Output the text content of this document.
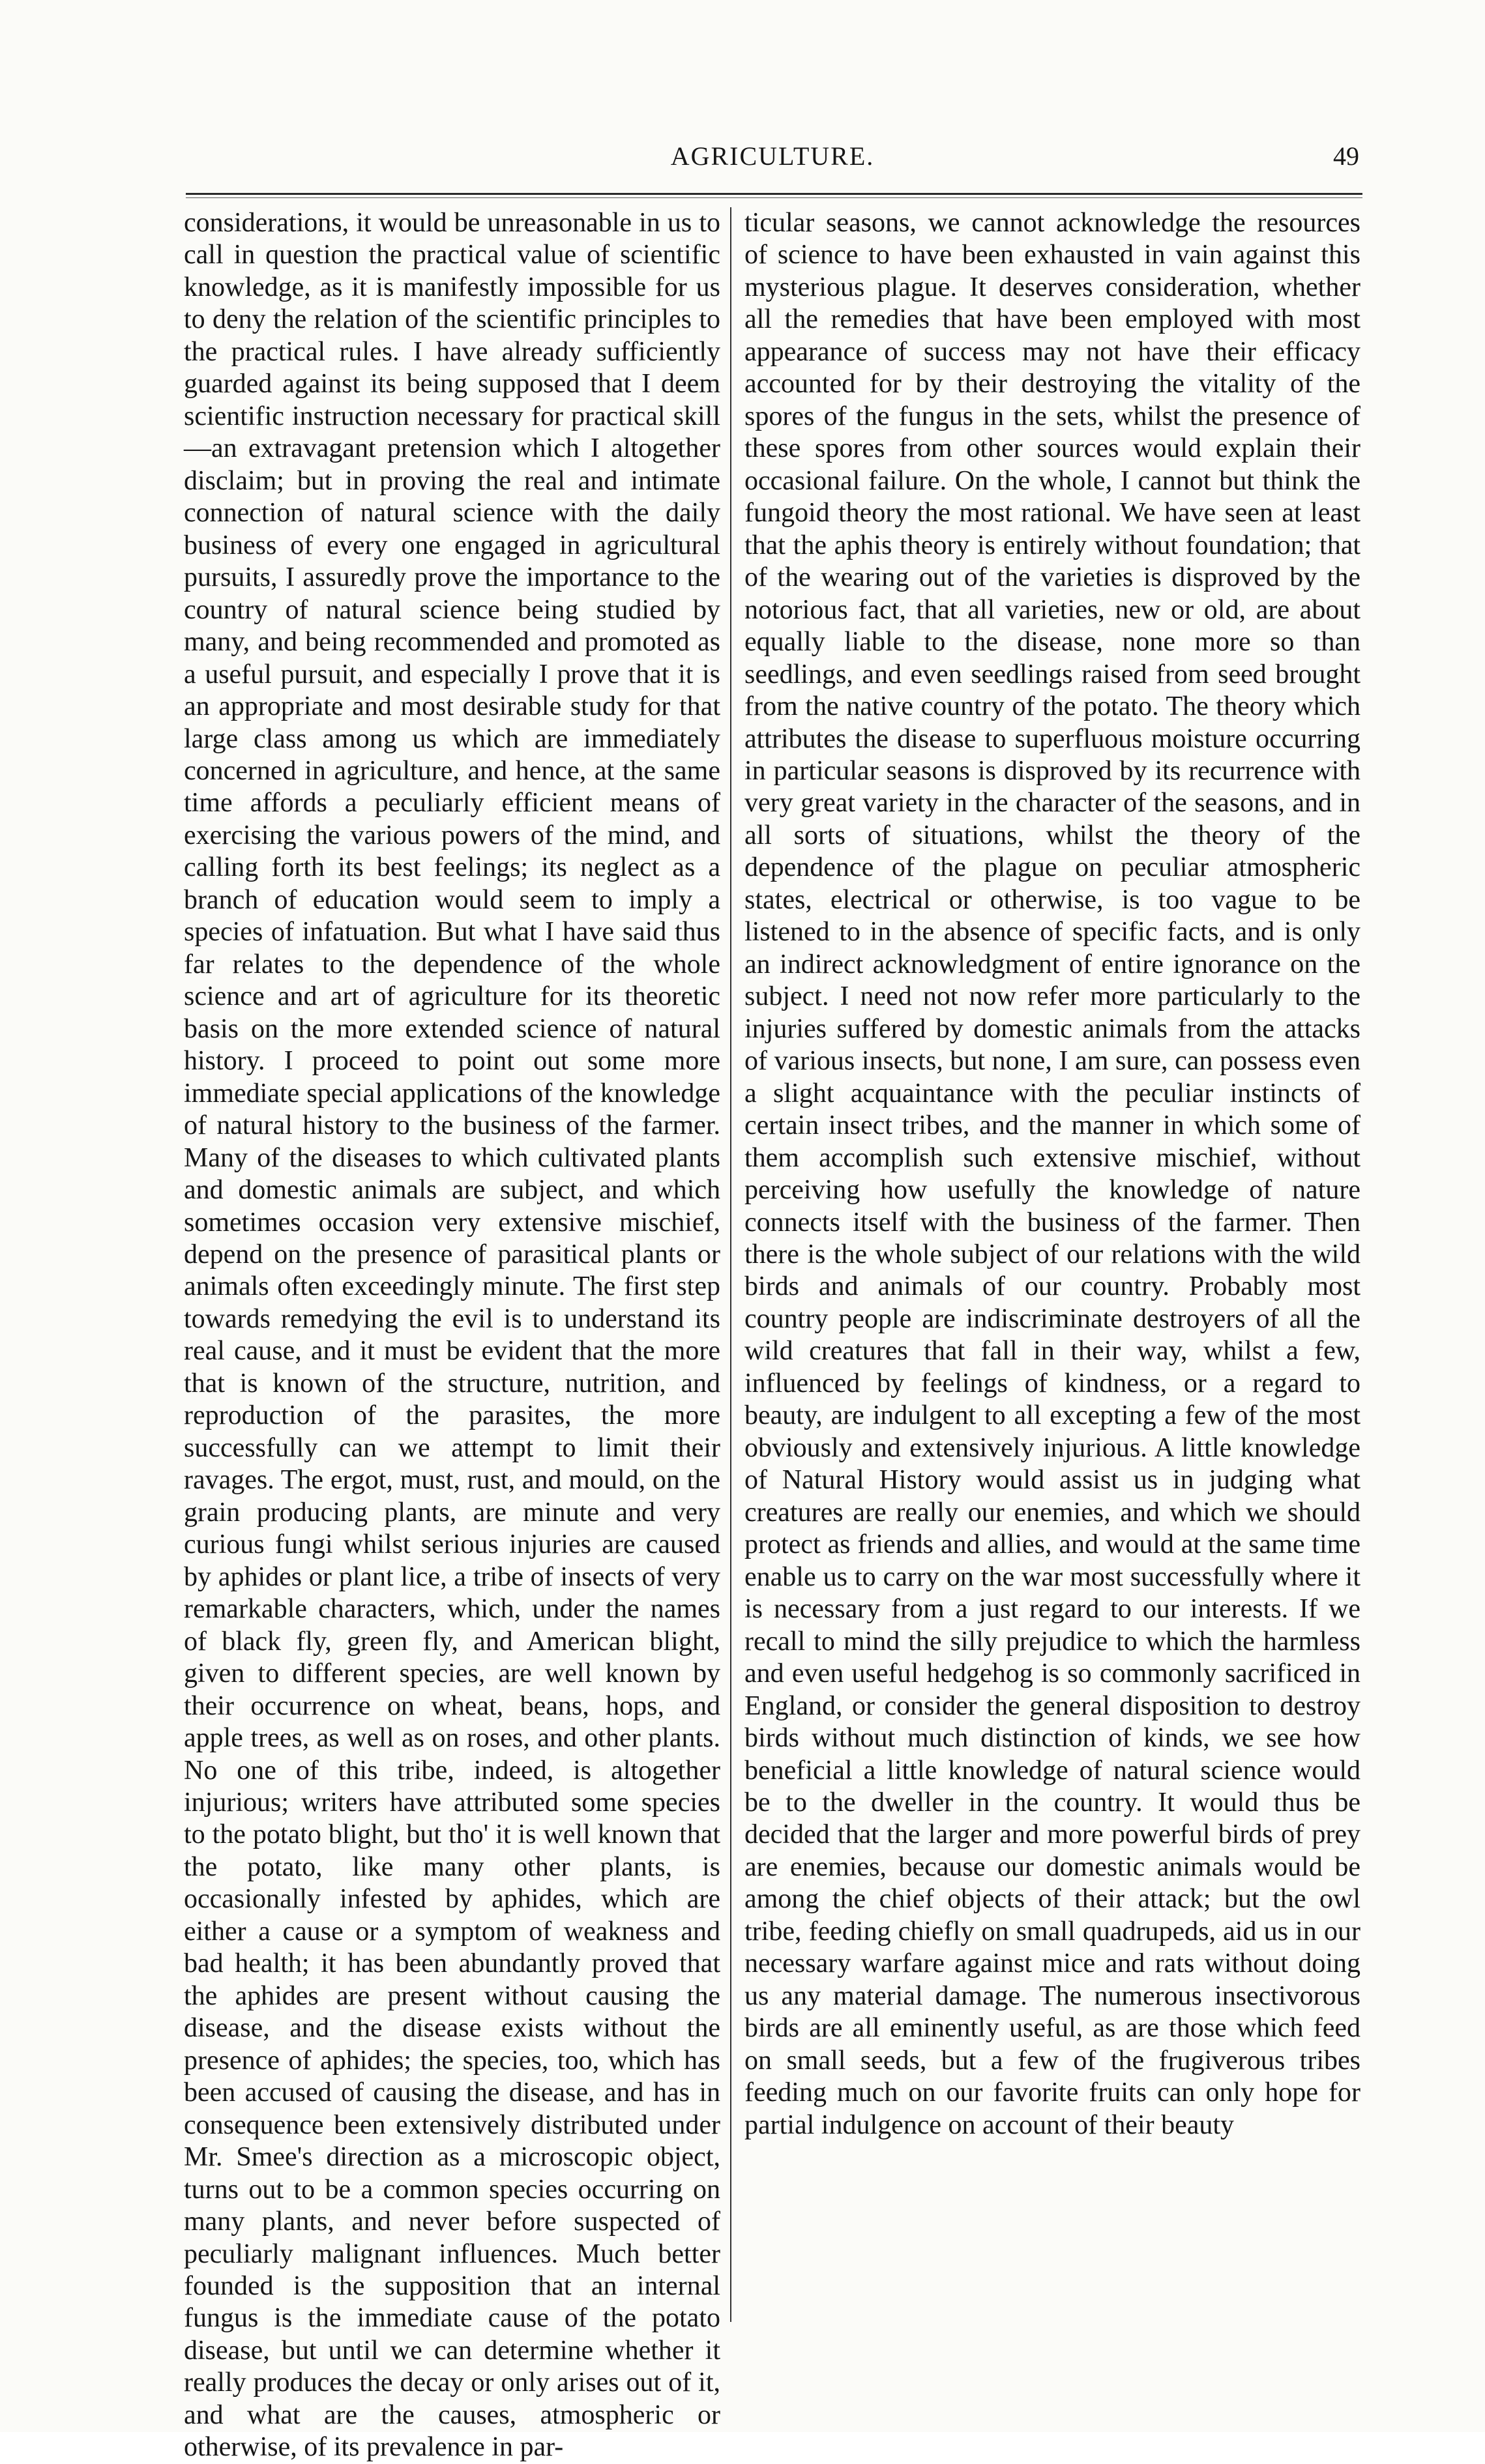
AGRICULTURE.	49

considerations, it would be unreasonable in us to call in question the practical value of scientific knowledge, as it is manifestly impossible for us to deny the relation of the scientific principles to the practical rules. I have already sufficiently guarded against its being supposed that I deem scientific instruction necessary for practical skill —an extravagant pretension which I altogether disclaim; but in proving the real and intimate connection of natural science with the daily business of every one engaged in agricultural pursuits, I assuredly prove the importance to the country of natural science being studied by many, and being recommended and promoted as a useful pursuit, and especially I prove that it is an appropriate and most desirable study for that large class among us which are immediately concerned in agriculture, and hence, at the same time affords a peculiarly efficient means of exercising the various powers of the mind, and calling forth its best feelings; its neglect as a branch of education would seem to imply a species of infatuation. But what I have said thus far relates to the dependence of the whole science and art of agriculture for its theoretic basis on the more extended science of natural history. I proceed to point out some more immediate special applications of the knowledge of natural history to the business of the farmer. Many of the diseases to which cultivated plants and domestic animals are subject, and which sometimes occasion very extensive mischief, depend on the presence of parasitical plants or animals often exceedingly minute. The first step towards remedying the evil is to understand its real cause, and it must be evident that the more that is known of the structure, nutrition, and reproduction of the parasites, the more successfully can we attempt to limit their ravages. The ergot, must, rust, and mould, on the grain producing plants, are minute and very curious fungi whilst serious injuries are caused by aphides or plant lice, a tribe of insects of very remarkable characters, which, under the names of black fly, green fly, and American blight, given to different species, are well known by their occurrence on wheat, beans, hops, and apple trees, as well as on roses, and other plants. No one of this tribe, indeed, is altogether injurious; writers have attributed some species to the potato blight, but tho' it is well known that the potato, like many other plants, is occasionally infested by aphides, which are either a cause or a symptom of weakness and bad health; it has been abundantly proved that the aphides are present without causing the disease, and the disease exists without the presence of aphides; the species, too, which has been accused of causing the disease, and has in consequence been extensively distributed under Mr. Smee's direction as a microscopic object, turns out to be a common species occurring on many plants, and never before suspected of peculiarly malignant influences. Much better founded is the supposition that an internal fungus is the immediate cause of the potato disease, but until we can determine whether it really produces the decay or only arises out of it, and what are the causes, atmospheric or otherwise, of its prevalence in par-

ticular seasons, we cannot acknowledge the resources of science to have been exhausted in vain against this mysterious plague. It deserves consideration, whether all the remedies that have been employed with most appearance of success may not have their efficacy accounted for by their destroying the vitality of the spores of the fungus in the sets, whilst the presence of these spores from other sources would explain their occasional failure. On the whole, I cannot but think the fungoid theory the most rational. We have seen at least that the aphis theory is entirely without foundation; that of the wearing out of the varieties is disproved by the notorious fact, that all varieties, new or old, are about equally liable to the disease, none more so than seedlings, and even seedlings raised from seed brought from the native country of the potato. The theory which attributes the disease to superfluous moisture occurring in particular seasons is disproved by its recurrence with very great variety in the character of the seasons, and in all sorts of situations, whilst the theory of the dependence of the plague on peculiar atmospheric states, electrical or otherwise, is too vague to be listened to in the absence of specific facts, and is only an indirect acknowledgment of entire ignorance on the subject. I need not now refer more particularly to the injuries suffered by domestic animals from the attacks of various insects, but none, I am sure, can possess even a slight acquaintance with the peculiar instincts of certain insect tribes, and the manner in which some of them accomplish such extensive mischief, without perceiving how usefully the knowledge of nature connects itself with the business of the farmer. Then there is the whole subject of our relations with the wild birds and animals of our country. Probably most country people are indiscriminate destroyers of all the wild creatures that fall in their way, whilst a few, influenced by feelings of kindness, or a regard to beauty, are indulgent to all excepting a few of the most obviously and extensively injurious. A little knowledge of Natural History would assist us in judging what creatures are really our enemies, and which we should protect as friends and allies, and would at the same time enable us to carry on the war most successfully where it is necessary from a just regard to our interests. If we recall to mind the silly prejudice to which the harmless and even useful hedgehog is so commonly sacrificed in England, or consider the general disposition to destroy birds without much distinction of kinds, we see how beneficial a little knowledge of natural science would be to the dweller in the country. It would thus be decided that the larger and more powerful birds of prey are enemies, because our domestic animals would be among the chief objects of their attack; but the owl tribe, feeding chiefly on small quadrupeds, aid us in our necessary warfare against mice and rats without doing us any material damage. The numerous insectivorous birds are all eminently useful, as are those which feed on small seeds, but a few of the frugiverous tribes feeding much on our favorite fruits can only hope for partial indulgence on account of their beauty
